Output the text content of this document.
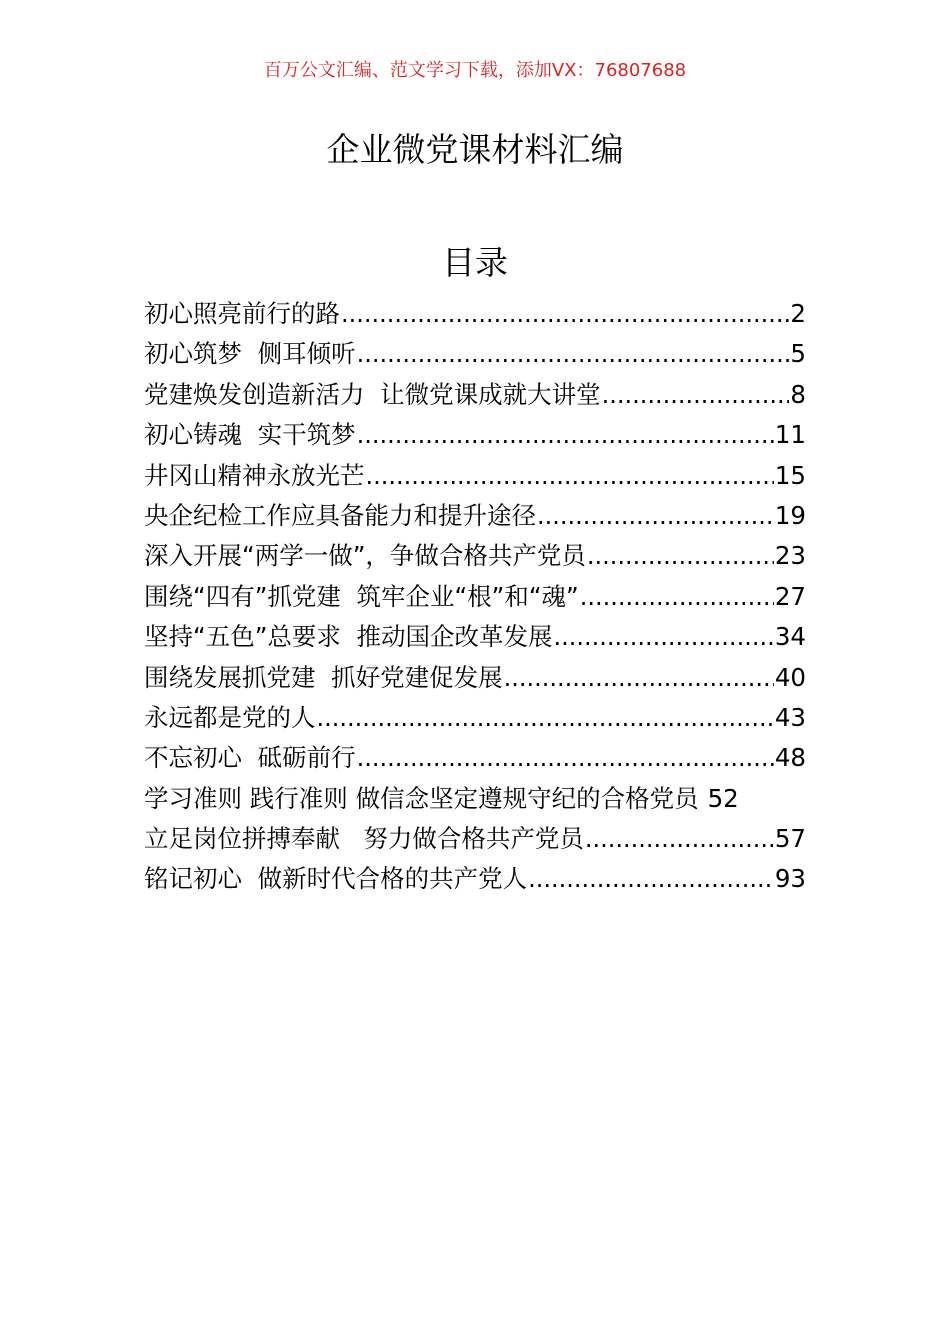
百万公文汇编、范文学习下载，添加VX：76807688
企业微党课材料汇编
目录
初心照亮前行的路 .....	2
初心筑梦  侧耳倾听 .....	5
党建焕发创造新活力  让微党课成就大讲堂 .....	8
初心铸魂  实干筑梦 .....	11
井冈山精神永放光芒 .....	15
央企纪检工作应具备能力和提升途径 .....	19
深入开展“两学一做”，争做合格共产党员 .....	23
围绕“四有”抓党建  筑牢企业“根”和“魂” .....	27
坚持“五色”总要求  推动国企改革发展 .....	34
围绕发展抓党建  抓好党建促发展 .....	40
永远都是党的人 .....	43
不忘初心  砥砺前行 .....	48
学习准则 践行准则 做信念坚定遵规守纪的合格党员 52
立足岗位拼搏奉献   努力做合格共产党员 .....	57
铭记初心  做新时代合格的共产党人 .....	93
